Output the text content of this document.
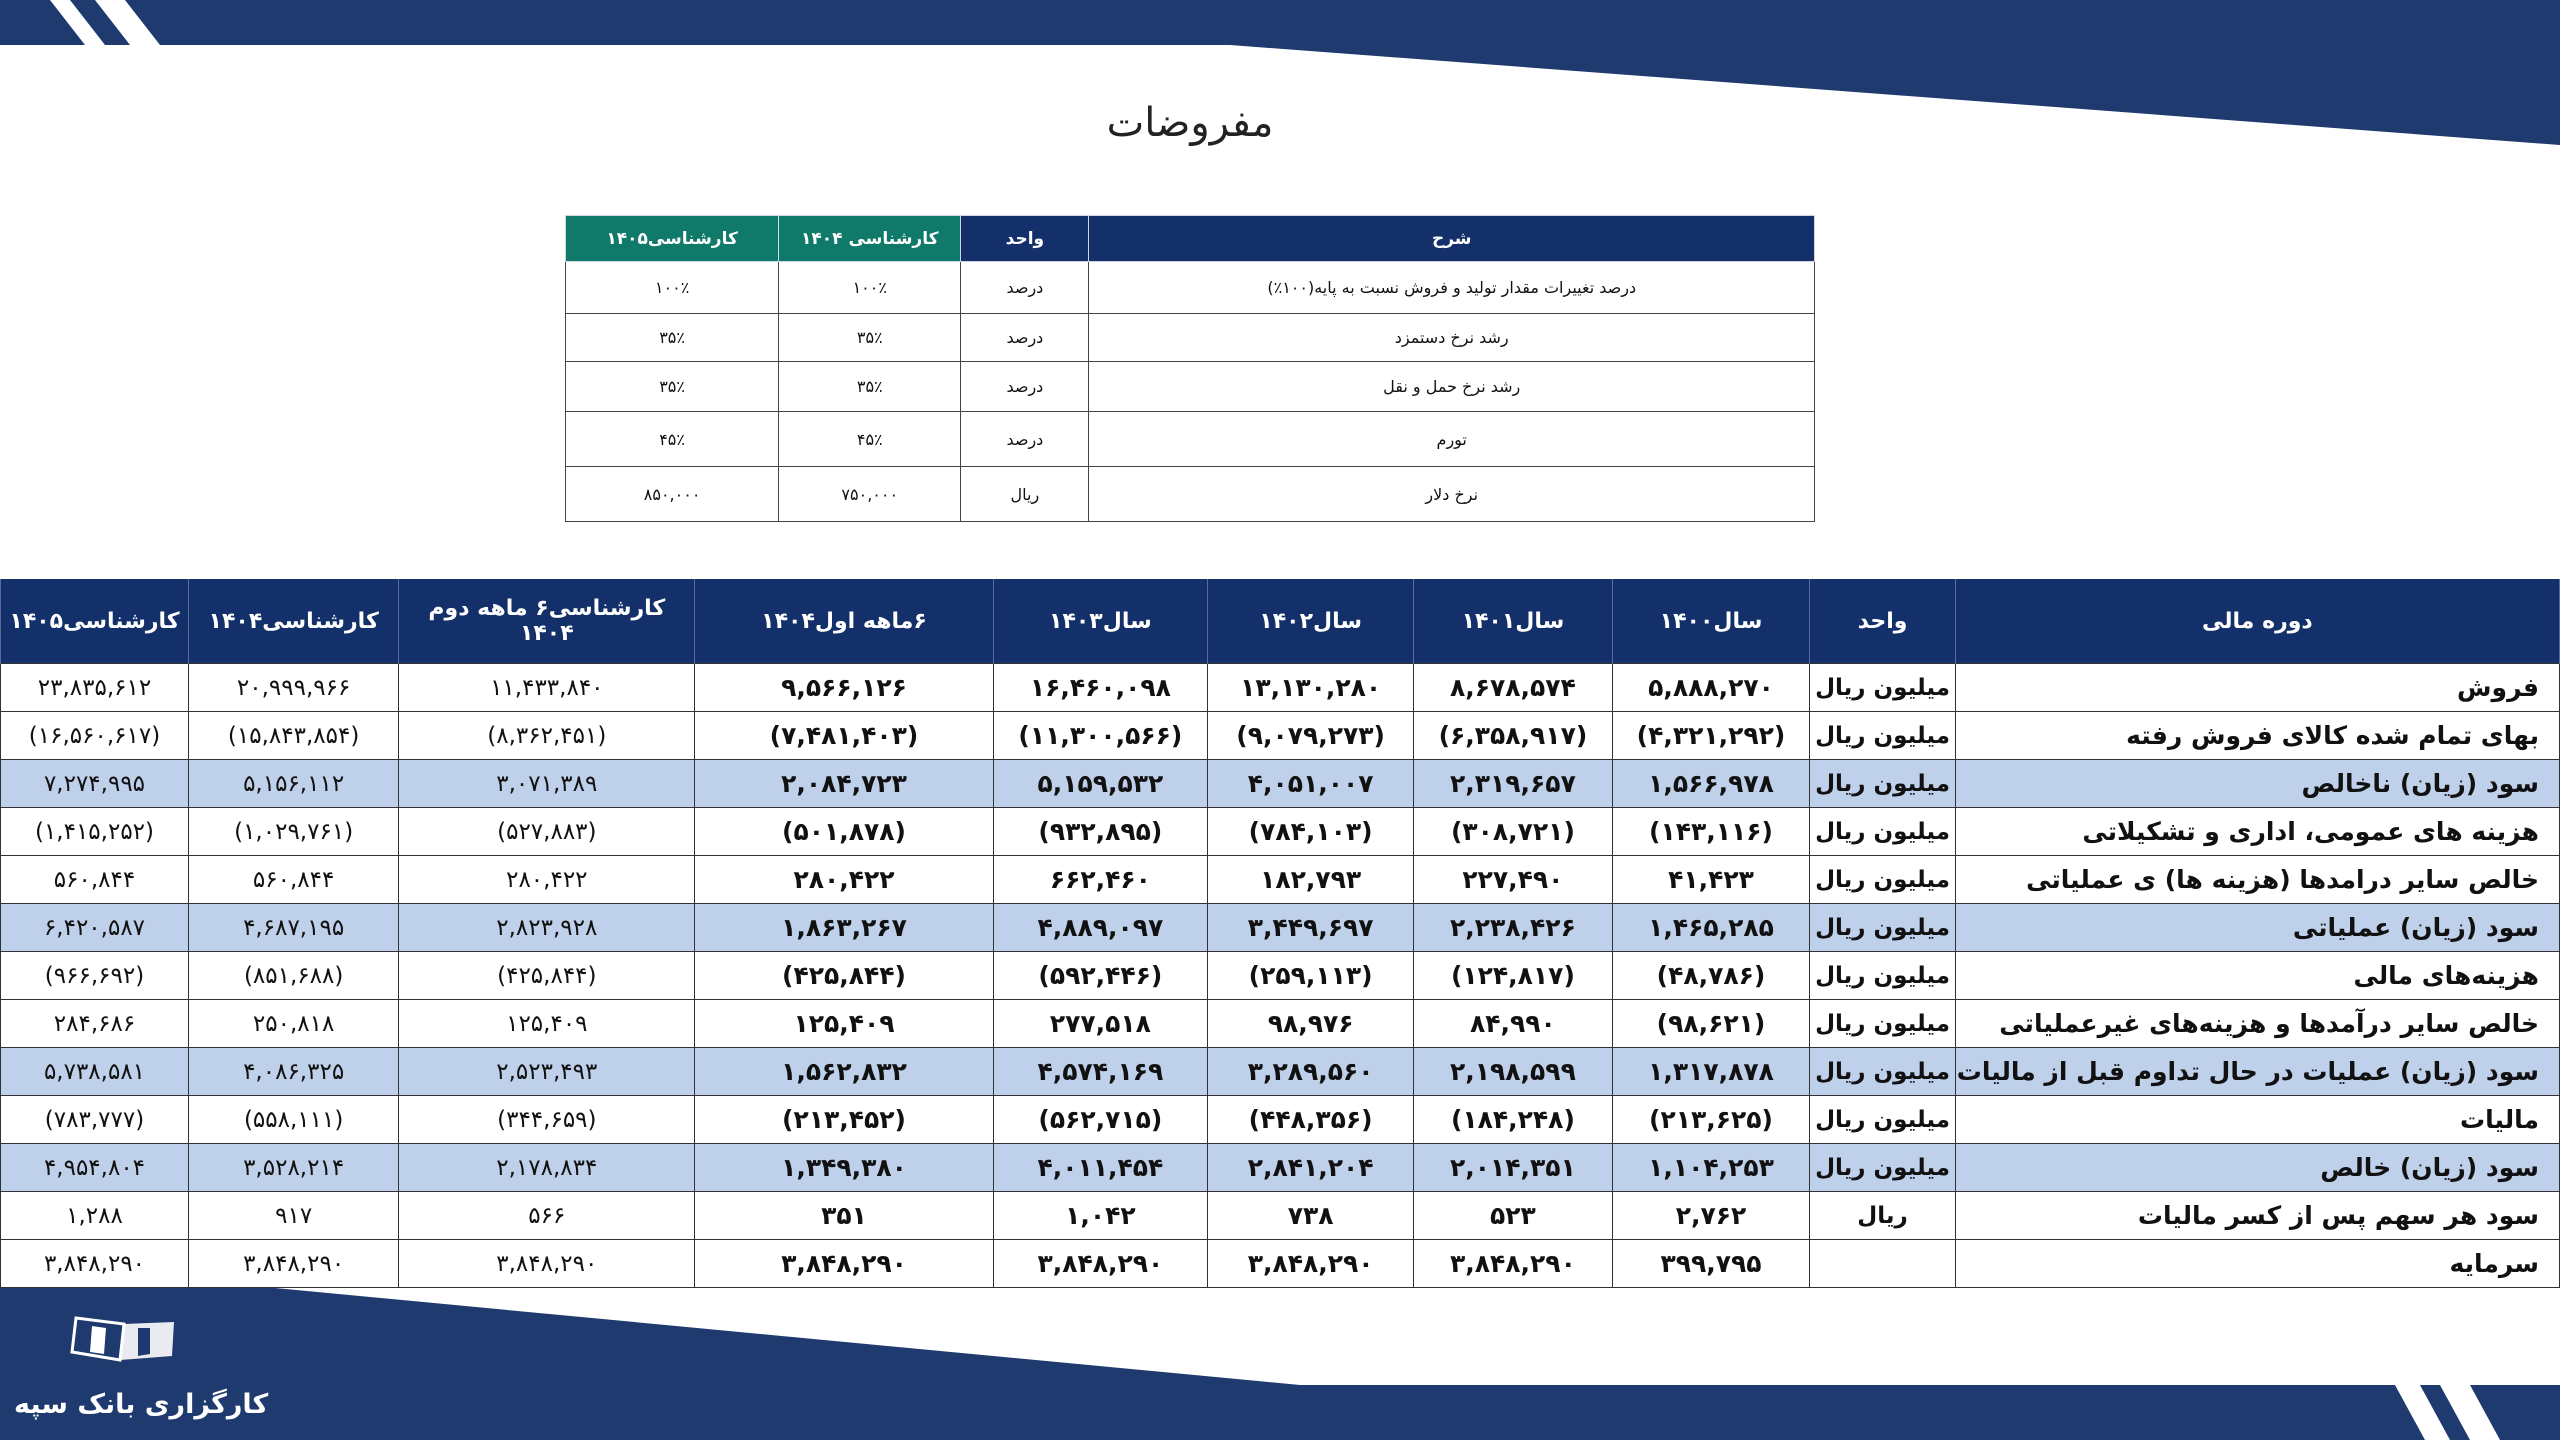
مفروضات
شرح	واحد	کارشناسی ۱۴۰۴	کارشناسی۱۴۰۵
درصد تغییرات مقدار تولید و فروش نسبت به پایه(۱۰۰٪)	درصد	۱۰۰٪	۱۰۰٪
رشد نرخ دستمزد	درصد	۳۵٪	۳۵٪
رشد نرخ حمل و نقل	درصد	۳۵٪	۳۵٪
تورم	درصد	۴۵٪	۴۵٪
نرخ دلار	ریال	۷۵۰,۰۰۰	۸۵۰,۰۰۰
دوره مالی	واحد	سال۱۴۰۰	سال۱۴۰۱	سال۱۴۰۲	سال۱۴۰۳	۶ماهه اول۱۴۰۴	کارشناسی۶ ماهه دوم ۱۴۰۴	کارشناسی۱۴۰۴	کارشناسی۱۴۰۵
فروش	میلیون ریال	۵,۸۸۸,۲۷۰	۸,۶۷۸,۵۷۴	۱۳,۱۳۰,۲۸۰	۱۶,۴۶۰,۰۹۸	۹,۵۶۶,۱۲۶	۱۱,۴۳۳,۸۴۰	۲۰,۹۹۹,۹۶۶	۲۳,۸۳۵,۶۱۲
بهای تمام شده کالای فروش رفته	میلیون ریال	(۴,۳۲۱,۲۹۲)	(۶,۳۵۸,۹۱۷)	(۹,۰۷۹,۲۷۳)	(۱۱,۳۰۰,۵۶۶)	(۷,۴۸۱,۴۰۳)	(۸,۳۶۲,۴۵۱)	(۱۵,۸۴۳,۸۵۴)	(۱۶,۵۶۰,۶۱۷)
سود (زیان) ناخالص	میلیون ریال	۱,۵۶۶,۹۷۸	۲,۳۱۹,۶۵۷	۴,۰۵۱,۰۰۷	۵,۱۵۹,۵۳۲	۲,۰۸۴,۷۲۳	۳,۰۷۱,۳۸۹	۵,۱۵۶,۱۱۲	۷,۲۷۴,۹۹۵
هزینه های عمومی، اداری و تشکیلاتی	میلیون ریال	(۱۴۳,۱۱۶)	(۳۰۸,۷۲۱)	(۷۸۴,۱۰۳)	(۹۳۲,۸۹۵)	(۵۰۱,۸۷۸)	(۵۲۷,۸۸۳)	(۱,۰۲۹,۷۶۱)	(۱,۴۱۵,۲۵۲)
خالص سایر درامدها (هزینه ها) ی عملیاتی	میلیون ریال	۴۱,۴۲۳	۲۲۷,۴۹۰	۱۸۲,۷۹۳	۶۶۲,۴۶۰	۲۸۰,۴۲۲	۲۸۰,۴۲۲	۵۶۰,۸۴۴	۵۶۰,۸۴۴
سود (زیان) عملیاتی	میلیون ریال	۱,۴۶۵,۲۸۵	۲,۲۳۸,۴۲۶	۳,۴۴۹,۶۹۷	۴,۸۸۹,۰۹۷	۱,۸۶۳,۲۶۷	۲,۸۲۳,۹۲۸	۴,۶۸۷,۱۹۵	۶,۴۲۰,۵۸۷
هزینه‌های مالی	میلیون ریال	(۴۸,۷۸۶)	(۱۲۴,۸۱۷)	(۲۵۹,۱۱۳)	(۵۹۲,۴۴۶)	(۴۲۵,۸۴۴)	(۴۲۵,۸۴۴)	(۸۵۱,۶۸۸)	(۹۶۶,۶۹۲)
خالص سایر درآمدها و هزینه‌های غیرعملیاتی	میلیون ریال	(۹۸,۶۲۱)	۸۴,۹۹۰	۹۸,۹۷۶	۲۷۷,۵۱۸	۱۲۵,۴۰۹	۱۲۵,۴۰۹	۲۵۰,۸۱۸	۲۸۴,۶۸۶
سود (زیان) عملیات در حال تداوم قبل از مالیات	میلیون ریال	۱,۳۱۷,۸۷۸	۲,۱۹۸,۵۹۹	۳,۲۸۹,۵۶۰	۴,۵۷۴,۱۶۹	۱,۵۶۲,۸۳۲	۲,۵۲۳,۴۹۳	۴,۰۸۶,۳۲۵	۵,۷۳۸,۵۸۱
مالیات	میلیون ریال	(۲۱۳,۶۲۵)	(۱۸۴,۲۴۸)	(۴۴۸,۳۵۶)	(۵۶۲,۷۱۵)	(۲۱۳,۴۵۲)	(۳۴۴,۶۵۹)	(۵۵۸,۱۱۱)	(۷۸۳,۷۷۷)
سود (زیان) خالص	میلیون ریال	۱,۱۰۴,۲۵۳	۲,۰۱۴,۳۵۱	۲,۸۴۱,۲۰۴	۴,۰۱۱,۴۵۴	۱,۳۴۹,۳۸۰	۲,۱۷۸,۸۳۴	۳,۵۲۸,۲۱۴	۴,۹۵۴,۸۰۴
سود هر سهم پس از کسر مالیات	ریال	۲,۷۶۲	۵۲۳	۷۳۸	۱,۰۴۲	۳۵۱	۵۶۶	۹۱۷	۱,۲۸۸
سرمایه		۳۹۹,۷۹۵	۳,۸۴۸,۲۹۰	۳,۸۴۸,۲۹۰	۳,۸۴۸,۲۹۰	۳,۸۴۸,۲۹۰	۳,۸۴۸,۲۹۰	۳,۸۴۸,۲۹۰	۳,۸۴۸,۲۹۰
کارگزاری بانک سپه
